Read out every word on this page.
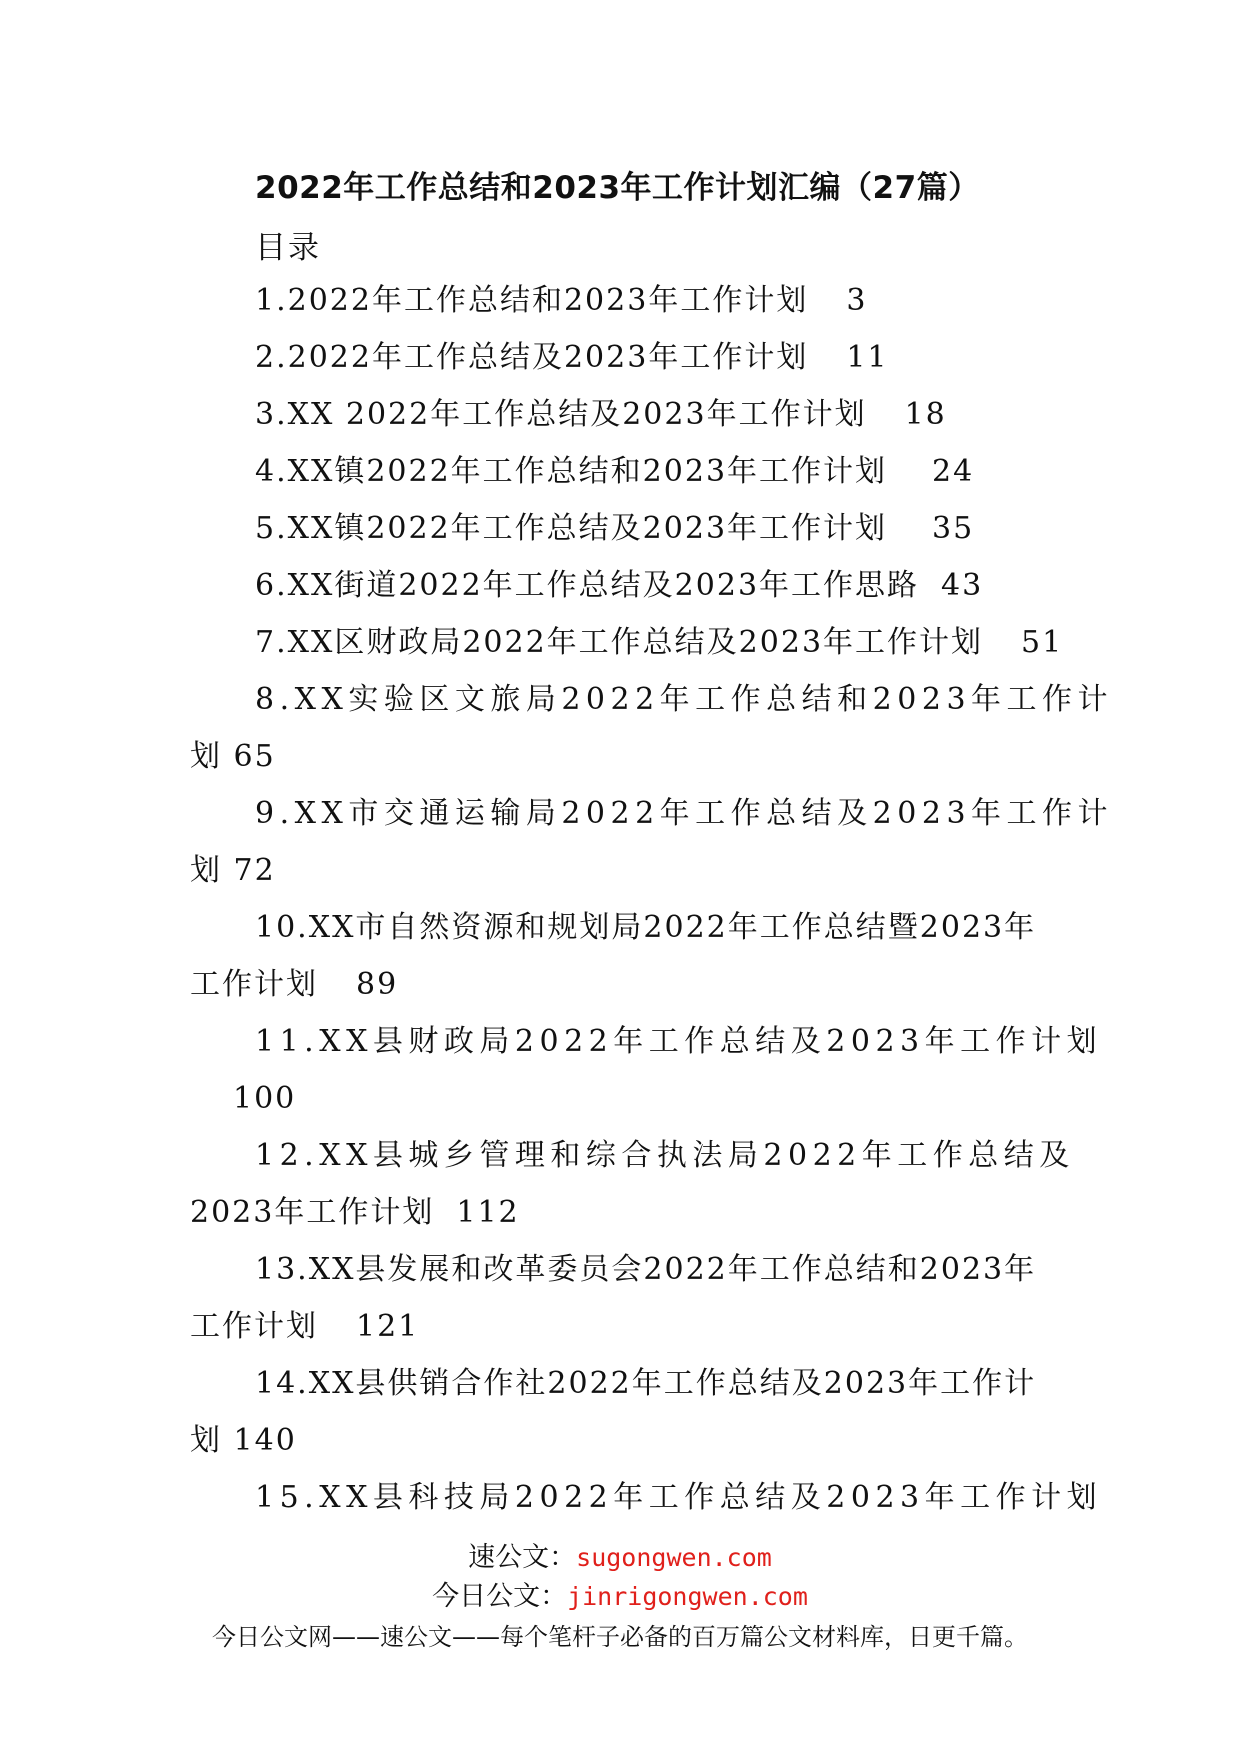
2022年工作总结和2023年工作计划汇编（27篇）
目录
1.2022年工作总结和2023年工作计划 3
2.2022年工作总结及2023年工作计划 11
3.XX 2022年工作总结及2023年工作计划 18
4.XX镇2022年工作总结和2023年工作计划 24
5.XX镇2022年工作总结及2023年工作计划 35
6.XX街道2022年工作总结及2023年工作思路 43
7.XX区财政局2022年工作总结及2023年工作计划 51
8.XX实验区文旅局2022年工作总结和2023年工作计
划 65
9.XX市交通运输局2022年工作总结及2023年工作计
划 72
10.XX市自然资源和规划局2022年工作总结暨2023年
工作计划 89
11.XX县财政局2022年工作总结及2023年工作计划
100
12.XX县城乡管理和综合执法局2022年工作总结及
2023年工作计划 112
13.XX县发展和改革委员会2022年工作总结和2023年
工作计划 121
14.XX县供销合作社2022年工作总结及2023年工作计
划 140
15.XX县科技局2022年工作总结及2023年工作计划
速公文：sugongwen.com
今日公文：jinrigongwen.com
今日公文网——速公文——每个笔杆子必备的百万篇公文材料库，日更千篇。
